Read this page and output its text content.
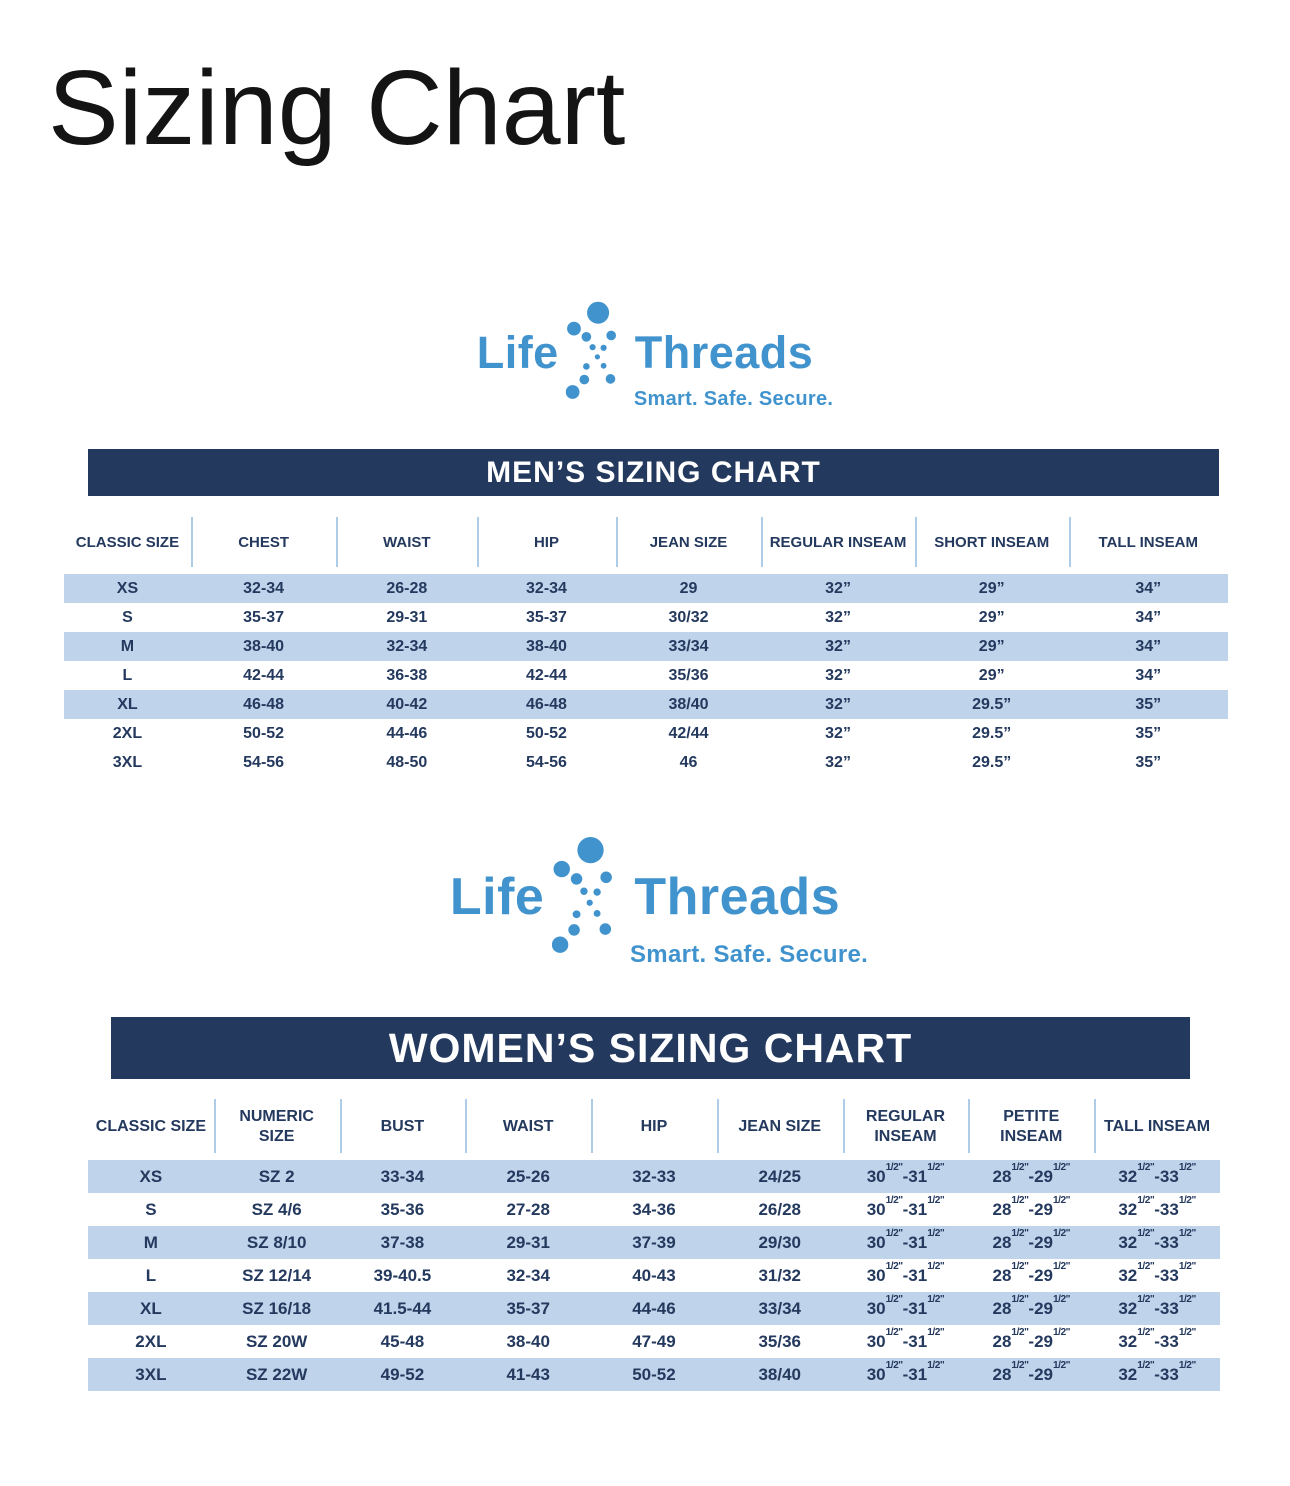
Sizing Chart
Life Threads
Smart. Safe. Secure.
MEN’S SIZING CHART
CLASSIC SIZE	CHEST	WAIST	HIP	JEAN SIZE	REGULAR INSEAM	SHORT INSEAM	TALL INSEAM
XS	32-34	26-28	32-34	29	32”	29”	34”
S	35-37	29-31	35-37	30/32	32”	29”	34”
M	38-40	32-34	38-40	33/34	32”	29”	34”
L	42-44	36-38	42-44	35/36	32”	29”	34”
XL	46-48	40-42	46-48	38/40	32”	29.5”	35”
2XL	50-52	44-46	50-52	42/44	32”	29.5”	35”
3XL	54-56	48-50	54-56	46	32”	29.5”	35”
Life Threads
Smart. Safe. Secure.
WOMEN’S SIZING CHART
CLASSIC SIZE	NUMERIC SIZE	BUST	WAIST	HIP	JEAN SIZE	REGULAR INSEAM	PETITE INSEAM	TALL INSEAM
XS	SZ 2	33-34	25-26	32-33	24/25	$30^{1/2"}-31^{1/2"}$	$28^{1/2"}-29^{1/2"}$	$32^{1/2"}-33^{1/2"}$
S	SZ 4/6	35-36	27-28	34-36	26/28	$30^{1/2"}-31^{1/2"}$	$28^{1/2"}-29^{1/2"}$	$32^{1/2"}-33^{1/2"}$
M	SZ 8/10	37-38	29-31	37-39	29/30	$30^{1/2"}-31^{1/2"}$	$28^{1/2"}-29^{1/2"}$	$32^{1/2"}-33^{1/2"}$
L	SZ 12/14	39-40.5	32-34	40-43	31/32	$30^{1/2"}-31^{1/2"}$	$28^{1/2"}-29^{1/2"}$	$32^{1/2"}-33^{1/2"}$
XL	SZ 16/18	41.5-44	35-37	44-46	33/34	$30^{1/2"}-31^{1/2"}$	$28^{1/2"}-29^{1/2"}$	$32^{1/2"}-33^{1/2"}$
2XL	SZ 20W	45-48	38-40	47-49	35/36	$30^{1/2"}-31^{1/2"}$	$28^{1/2"}-29^{1/2"}$	$32^{1/2"}-33^{1/2"}$
3XL	SZ 22W	49-52	41-43	50-52	38/40	$30^{1/2"}-31^{1/2"}$	$28^{1/2"}-29^{1/2"}$	$32^{1/2"}-33^{1/2"}$
